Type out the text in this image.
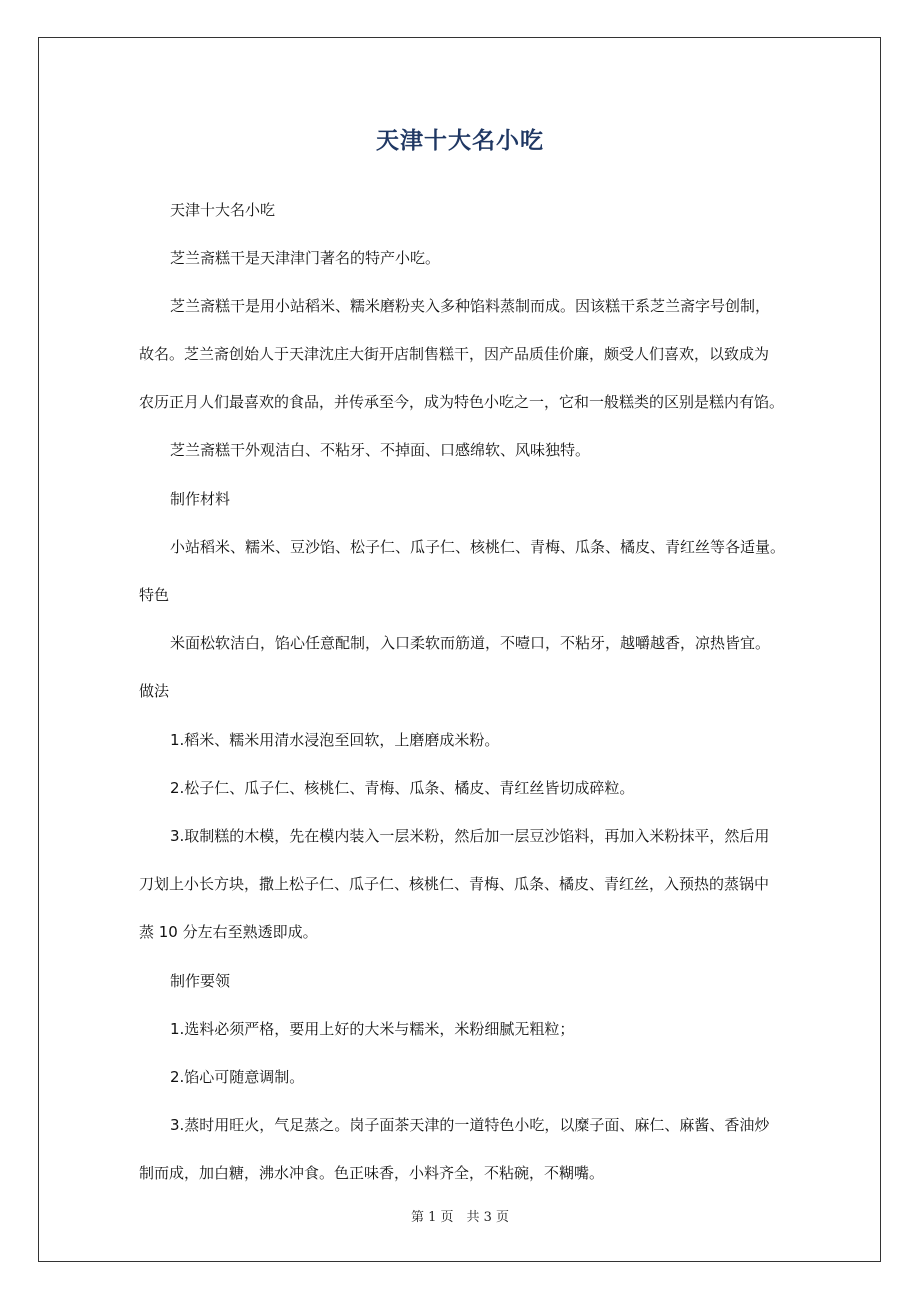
天津十大名小吃
天津十大名小吃
芝兰斋糕干是天津津门著名的特产小吃。
芝兰斋糕干是用小站稻米、糯米磨粉夹入多种馅料蒸制而成。因该糕干系芝兰斋字号创制，
故名。芝兰斋创始人于天津沈庄大街开店制售糕干，因产品质佳价廉，颇受人们喜欢，以致成为
农历正月人们最喜欢的食品，并传承至今，成为特色小吃之一，它和一般糕类的区别是糕内有馅。
芝兰斋糕干外观洁白、不粘牙、不掉面、口感绵软、风味独特。
制作材料
小站稻米、糯米、豆沙馅、松子仁、瓜子仁、核桃仁、青梅、瓜条、橘皮、青红丝等各适量。
特色
米面松软洁白，馅心任意配制，入口柔软而筋道，不噎口，不粘牙，越嚼越香，凉热皆宜。
做法
1.稻米、糯米用清水浸泡至回软，上磨磨成米粉。
2.松子仁、瓜子仁、核桃仁、青梅、瓜条、橘皮、青红丝皆切成碎粒。
3.取制糕的木模，先在模内装入一层米粉，然后加一层豆沙馅料，再加入米粉抹平，然后用
刀划上小长方块，撒上松子仁、瓜子仁、核桃仁、青梅、瓜条、橘皮、青红丝，入预热的蒸锅中
蒸 10 分左右至熟透即成。
制作要领
1.选料必须严格，要用上好的大米与糯米，米粉细腻无粗粒；
2.馅心可随意调制。
3.蒸时用旺火，气足蒸之。岗子面茶天津的一道特色小吃，以糜子面、麻仁、麻酱、香油炒
制而成，加白糖，沸水冲食。色正味香，小料齐全，不粘碗，不糊嘴。
第 1 页　共 3 页
